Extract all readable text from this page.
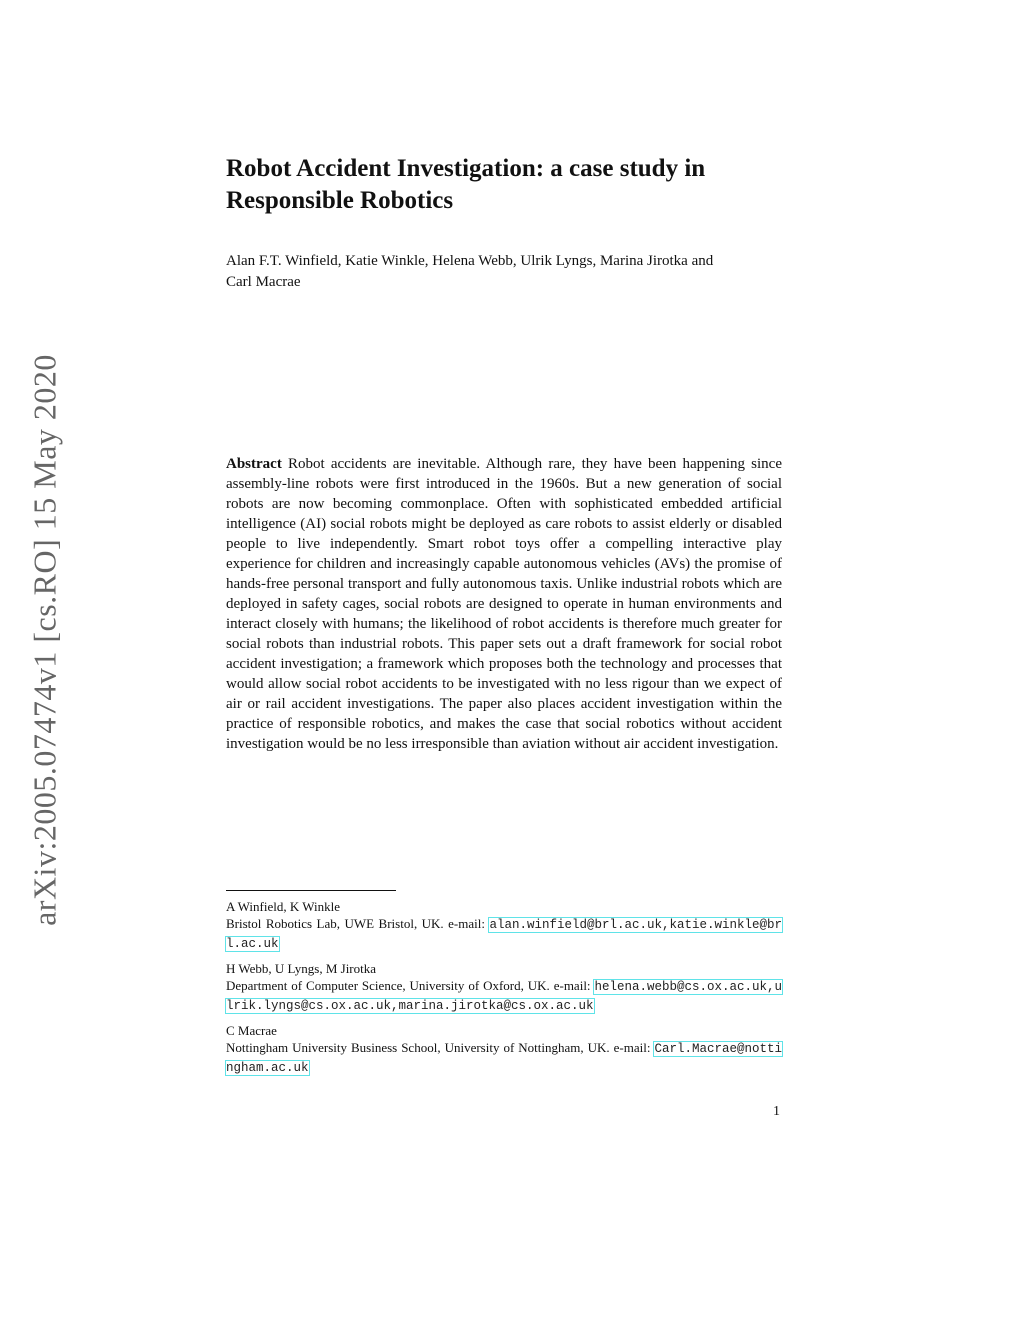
arXiv:2005.07474v1 [cs.RO] 15 May 2020
Robot Accident Investigation: a case study in
Responsible Robotics
Alan F.T. Winfield, Katie Winkle, Helena Webb, Ulrik Lyngs, Marina Jirotka and
Carl Macrae
Abstract Robot accidents are inevitable. Although rare, they have been happening since assembly-line robots were first introduced in the 1960s. But a new generation of social robots are now becoming commonplace. Often with sophisticated embedded artificial intelligence (AI) social robots might be deployed as care robots to assist elderly or disabled people to live independently. Smart robot toys offer a compelling interactive play experience for children and increasingly capable autonomous vehicles (AVs) the promise of hands-free personal transport and fully autonomous taxis. Unlike industrial robots which are deployed in safety cages, social robots are designed to operate in human environments and interact closely with humans; the likelihood of robot accidents is therefore much greater for social robots than industrial robots. This paper sets out a draft framework for social robot accident investigation; a framework which proposes both the technology and processes that would allow social robot accidents to be investigated with no less rigour than we expect of air or rail accident investigations. The paper also places accident investigation within the practice of responsible robotics, and makes the case that social robotics without accident investigation would be no less irresponsible than aviation without air accident investigation.
A Winfield, K Winkle
Bristol Robotics Lab, UWE Bristol, UK. e-mail: alan.winfield@brl.ac.uk,katie.winkle@brl.ac.uk
H Webb, U Lyngs, M Jirotka
Department of Computer Science, University of Oxford, UK. e-mail: helena.webb@cs.ox.ac.uk,ulrik.lyngs@cs.ox.ac.uk,marina.jirotka@cs.ox.ac.uk
C Macrae
Nottingham University Business School, University of Nottingham, UK. e-mail: Carl.Macrae@nottingham.ac.uk
1
